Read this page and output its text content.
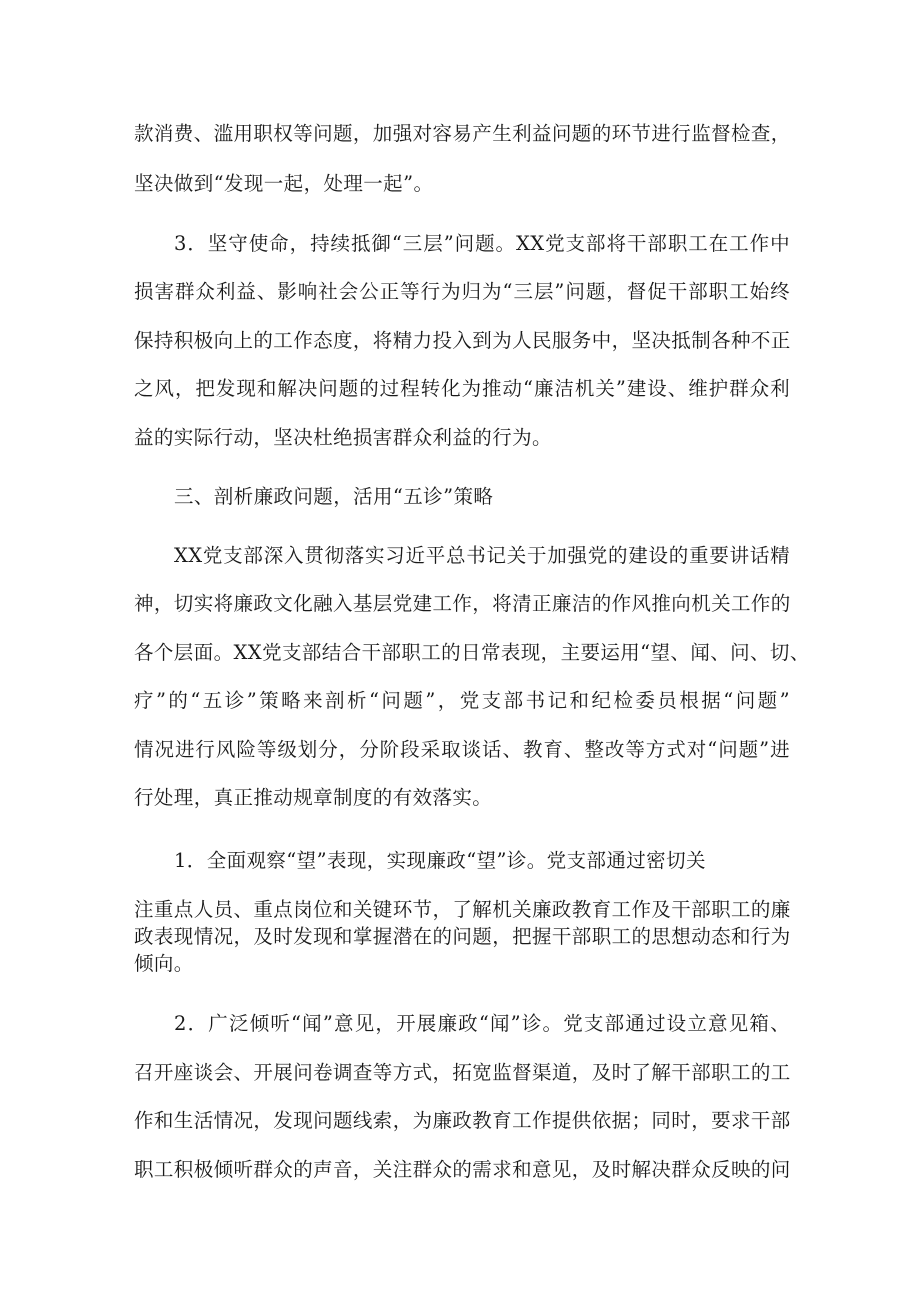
款消费、滥用职权等问题，加强对容易产生利益问题的环节进行监督检查，
坚决做到“发现一起，处理一起”。
3．坚守使命，持续抵御“三层”问题。XX党支部将干部职工在工作中
损害群众利益、影响社会公正等行为归为“三层”问题，督促干部职工始终
保持积极向上的工作态度，将精力投入到为人民服务中，坚决抵制各种不正
之风，把发现和解决问题的过程转化为推动“廉洁机关”建设、维护群众利
益的实际行动，坚决杜绝损害群众利益的行为。
三、剖析廉政问题，活用“五诊”策略
XX党支部深入贯彻落实习近平总书记关于加强党的建设的重要讲话精
神，切实将廉政文化融入基层党建工作，将清正廉洁的作风推向机关工作的
各个层面。XX党支部结合干部职工的日常表现，主要运用“望、闻、问、切、
疗”的“五诊”策略来剖析“问题”，党支部书记和纪检委员根据“问题”
情况进行风险等级划分，分阶段采取谈话、教育、整改等方式对“问题”进
行处理，真正推动规章制度的有效落实。
1．全面观察“望”表现，实现廉政“望”诊。党支部通过密切关
注重点人员、重点岗位和关键环节，了解机关廉政教育工作及干部职工的廉
政表现情况，及时发现和掌握潜在的问题，把握干部职工的思想动态和行为
倾向。
2．广泛倾听“闻”意见，开展廉政“闻”诊。党支部通过设立意见箱、
召开座谈会、开展问卷调查等方式，拓宽监督渠道，及时了解干部职工的工
作和生活情况，发现问题线索，为廉政教育工作提供依据；同时，要求干部
职工积极倾听群众的声音，关注群众的需求和意见，及时解决群众反映的问
